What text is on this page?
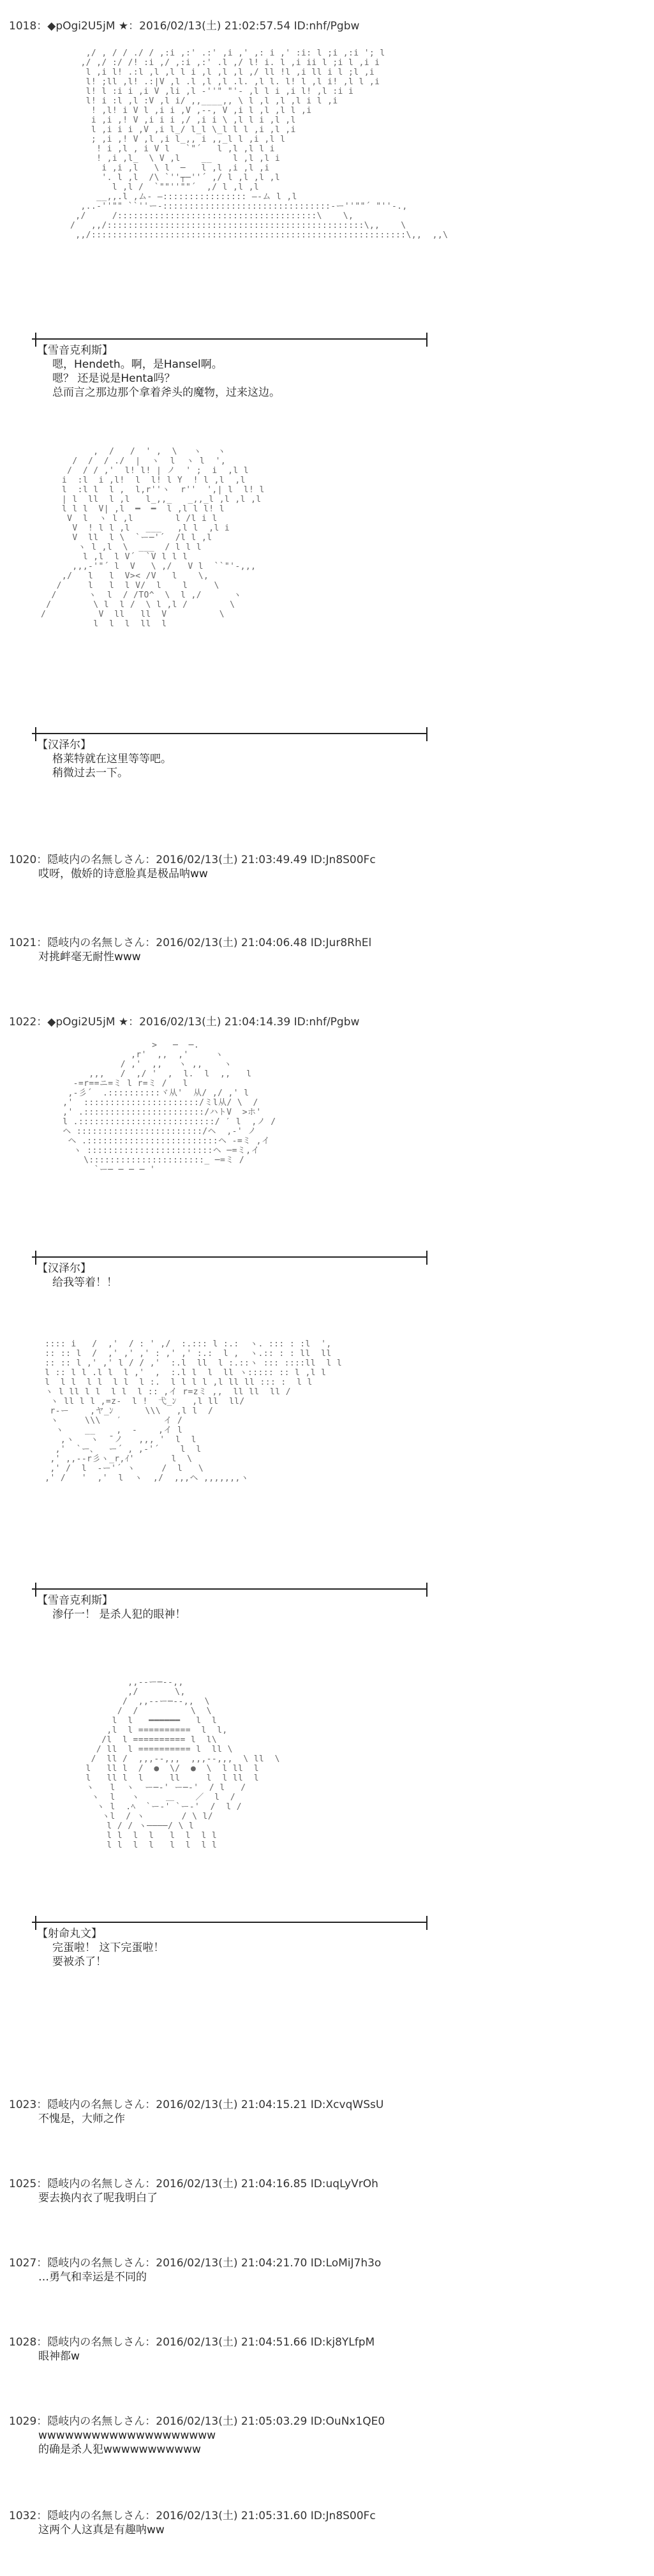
1018：◆pOgi2U5jM ★：2016/02/13(土) 21:02:57.54 ID:nhf/Pgbw
,/ , / / ./ / ,:i ,:' .:' ,i ,' ,: i ,' :i: l ;i ,:i '; l
,/ ,/ :/ /! :i ,/ ,:i ,:' .l ,/ l! i. l ,i ii l ;i l ,i i
l ,i l! .:l ,l ,l l i ,l ,l ,l ,/ ll !l ,i ll i l ;l ,i
l! ;ll ,l! .:|V ,l .l ,l ,l .l. ,l l. l! l ,l i! ,l l ,i
l! l :i i ,i V ,li ,l -''" "'- ,l l i ,i l! ,l :i i
l! i :l ,l :V ,l i/ ,,____,, \ l ,l ,l ,l i l ,i
! ,l! i V l ,i i ,V ,--, V ,i l ,l ,l l ,i
i ,i ,! V ,i i i ,/ ,i i \ ,l l i ,l ,l
l ,i i i ,V ,i l_/ l_l \_l l l ,i ,l ,i
; ,i ,! V ,l ,i l_,, i ,,_l l ,i ,l l
! i ,l , i V l   `"´   l ,l ,l l i
! ,i ,l_  \ V ,l    __    l ,l ,l i
i ,i ,l   \ l  ─   l ,l ,i ,l ,i
'. l ,l  /\ `''┬─''´ ,/ l ,l ,l ,l
l ,l /  `""''""´  ,/ l ,l ,l
__,,.l ,ム- ―:::::::::::::::: ―-ム l ,l
,..-''"" ``''ー-::::::::::::::::::::::::::::::::-ー''""´ "''-.,
,/     /::::::::::::::::::::::::::::::::::::::\    \,
/   ,,/:::::::::::::::::::::::::::::::::::::::::::::::::\,,    \
,,/::::::::::::::::::::::::::::::::::::::::::::::::::::::::::::\,,  ,,\
【雪音克利斯】
嗯，Hendeth。啊，是Hansel啊。
嗯？ 还是说是Henta吗？
总而言之那边那个拿着斧头的魔物，过来这边。
,  /   /  ' ,  \   ヽ   ヽ
/  /  / ./  |  ヽ  l  ヽ l  ',
/  / / ,'  l! l! | ノ  ' ;  i  ,l l
i  :l  i ,l!  l  l! l Y  ! l ,l  ,l
l  :l l  l ,  l,r''ヽ  r''  ',| l  l! l
| l  ll  l ,l   l_,,_   _,,_l ,l ,l ,l
l l l  V| ,l  ━  ━  l ,l l l! l
V  l  ヽ l ,l        l /l i l
V  ! l l ,l   ___   ,l l  ,l i
V  ll  l \  `ー─'´  /l l ,l
ヽ l ,l  \  ___  / l l l
l ,l  l V´  `V l l l
,,,-'"´ l  V   \ ,/   V l  ``"'-,,,
,/   l   l  V>< /V   l    \,
/     l   l  l V/  l    l     \
/      ヽ  l  / /TO^  \  l ,/      ヽ
/        \ l  l /  \ l ,l /        \
/          V  ll   ll  V          \
l  l  l  ll  l
【汉泽尔】
格莱特就在这里等等吧。
稍微过去一下。
1020：隠岐内の名無しさん：2016/02/13(土) 21:03:49.49 ID:Jn8S00Fc
哎呀，傲娇的诗意脸真是极品呐ww
1021：隠岐内の名無しさん：2016/02/13(土) 21:04:06.48 ID:Jur8RhEl
对挑衅毫无耐性www
1022：◆pOgi2U5jM ★：2016/02/13(土) 21:04:14.39 ID:nhf/Pgbw
>   ─  ─.
,r'  ,,  ,'     ヽ
/ ,'  ,,   ヽ ,,    ヽ
,,,   /  ,/ '  ,  l.  l  ,,   l
-=r==ニ=ミ l r=ミ /   l
,-彡´  .::::::::::ヾ从'  从/ ,/ ,' l
,'  ::::::::::::::::::::::/ミl从/ \  /
,' .:::::::::::::::::::::::/ハトV  >ホ'
l .::::::::::::::::::::::::::/ ′ l  ,ノ /
ヘ ::::::::::::::::::::::::/ヘ  ,-' ノ
ヘ .:::::::::::::::::::::::::ヘ ‐=ミ ,イ
ヽ ::::::::::::::::::::::::ヘ ─=ミ,イ
\::::::::::::::::::::::_ ─=ミ /
`ー─ ─ ─ ─ '
【汉泽尔】
给我等着！！
:::: i   /  ,'  / : ' ,/  :.::: l :.:  ヽ. ::: : :l  ',
:: :: l  /  ,' ,' ,' : ,' ,' :.:  l ,  ヽ.:: : : ll  ll
:: :: l ,' ,' l / / ,'  :.l  ll  l :.::ヽ ::: ::::ll  l l
l :: l l .l l  l ,'  ,  :.l l  l  ll ヽ::::: :: l ,l l
l  l l  l l  l l  l :.  l l l l ,l ll ll ::: :  l l
ヽ l ll l l  l l  l :: ,イ r=zミ ,,  ll ll  ll /
ヽ ll l l ,=z-  l !  弋_ﾝ   ,l ll  ll/
r-ー    ,ヤ_ﾝ      \\\   ,l l  /
ヽ     \\\   ′        イ /
ヽ    __    ,  -    ,イ l
,ヽ   ヽ  ̄ ノ   ,,, '  l  l
,'  `ー、  ー´ , ,-'´    l  l
,' ,,--r彡ヽ_r,ｲ'       l  \
,' /  l  -ー'´ ヽ     /  l   \
,' /   '  ,'  l  ヽ  ,/  ,,,ヘ ,,,,,,,ヽ
【雪音克利斯】
渗仔一！ 是杀人犯的眼神！
,,--ー─--,,
,/       \,
/  ,,--ー─--,,  \
/  /          \  \
l  l   ━━━━━━   l  l
,l  l ==========  l  l,
/l  l ========== l  l\
/ ll  l ========== l  ll \
/  ll /  ,,,--,,,  ,,,--,,,  \ ll  \
l   ll l  /  ●  \/  ●  \  l ll  l
l   ll l  l     ll     l  l ll  l
ヽ   l  ヽ  ー─‐' ー─‐'  / l   /
ヽ  l   ヽ     ＿    ／  l  /
ヽ l  .ﾍ  `ー-' `ー-'  /  l /
ヽl  / ヽ       / \ l/
l / / ヽ────/ \ l
l l  l  l   l  l  l l
l l  l  l   l  l  l l
【射命丸文】
完蛋啦！ 这下完蛋啦！
要被杀了！
1023：隠岐内の名無しさん：2016/02/13(土) 21:04:15.21 ID:XcvqWSsU
不愧是，大师之作
1025：隠岐内の名無しさん：2016/02/13(土) 21:04:16.85 ID:uqLyVrOh
要去换内衣了呢我明白了
1027：隠岐内の名無しさん：2016/02/13(土) 21:04:21.70 ID:LoMiJ7h3o
…勇气和幸运是不同的
1028：隠岐内の名無しさん：2016/02/13(土) 21:04:51.66 ID:kj8YLfpM
眼神都w
1029：隠岐内の名無しさん：2016/02/13(土) 21:05:03.29 ID:OuNx1QE0
wwwwwwwwwwwwwwwwwwww
的确是杀人犯wwwwwwwwwww
1032：隠岐内の名無しさん：2016/02/13(土) 21:05:31.60 ID:Jn8S00Fc
这两个人这真是有趣呐ww
